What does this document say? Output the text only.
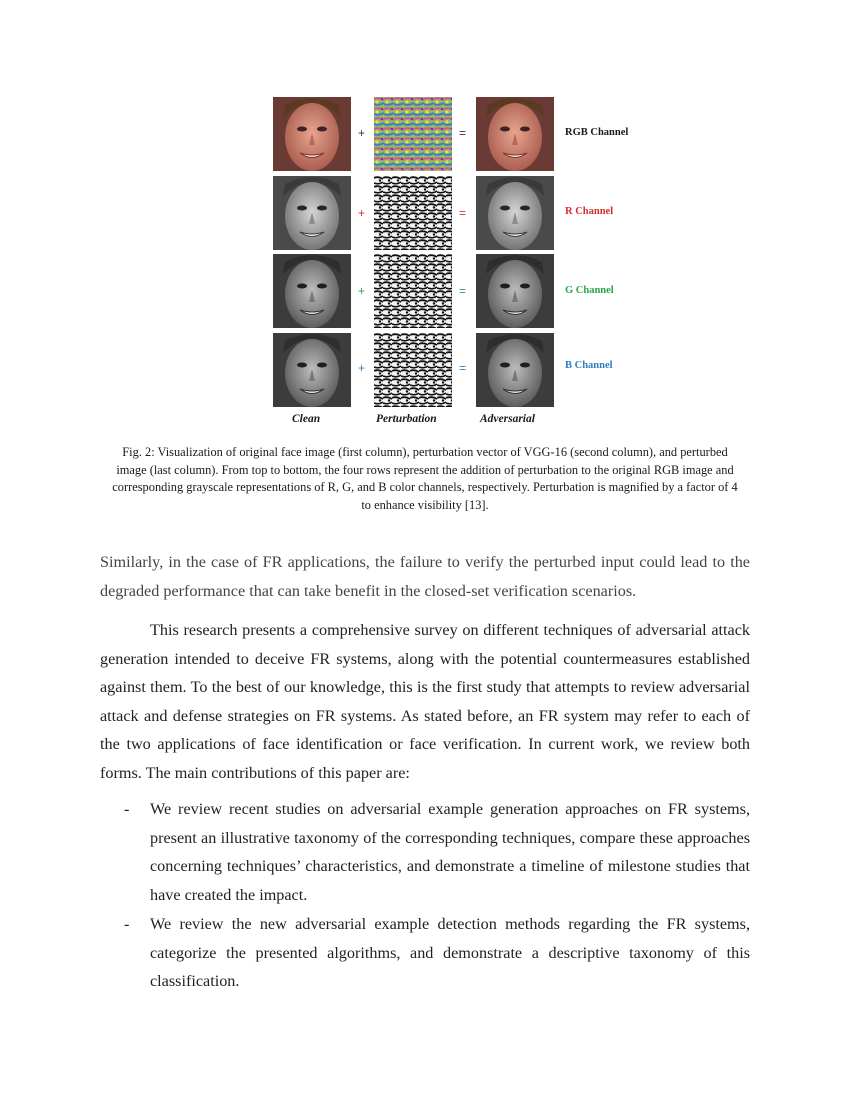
+	=	RGB Channel
+	=	R Channel
+	=	G Channel
+	=	B Channel
Clean	Perturbation	Adversarial
Fig. 2: Visualization of original face image (first column), perturbation vector of VGG-16 (second column), and perturbed image (last column). From top to bottom, the four rows represent the addition of perturbation to the original RGB image and corresponding grayscale representations of R, G, and B color channels, respectively. Perturbation is magnified by a factor of 4 to enhance visibility [13].
Similarly, in the case of FR applications, the failure to verify the perturbed input could lead to the degraded performance that can take benefit in the closed-set verification scenarios.
This research presents a comprehensive survey on different techniques of adversarial attack generation intended to deceive FR systems, along with the potential countermeasures established against them. To the best of our knowledge, this is the first study that attempts to review adversarial attack and defense strategies on FR systems. As stated before, an FR system may refer to each of the two applications of face identification or face verification. In current work, we review both forms. The main contributions of this paper are:
- We review recent studies on adversarial example generation approaches on FR systems, present an illustrative taxonomy of the corresponding techniques, compare these approaches concerning techniques’ characteristics, and demonstrate a timeline of milestone studies that have created the impact.
- We review the new adversarial example detection methods regarding the FR systems, categorize the presented algorithms, and demonstrate a descriptive taxonomy of this classification.
